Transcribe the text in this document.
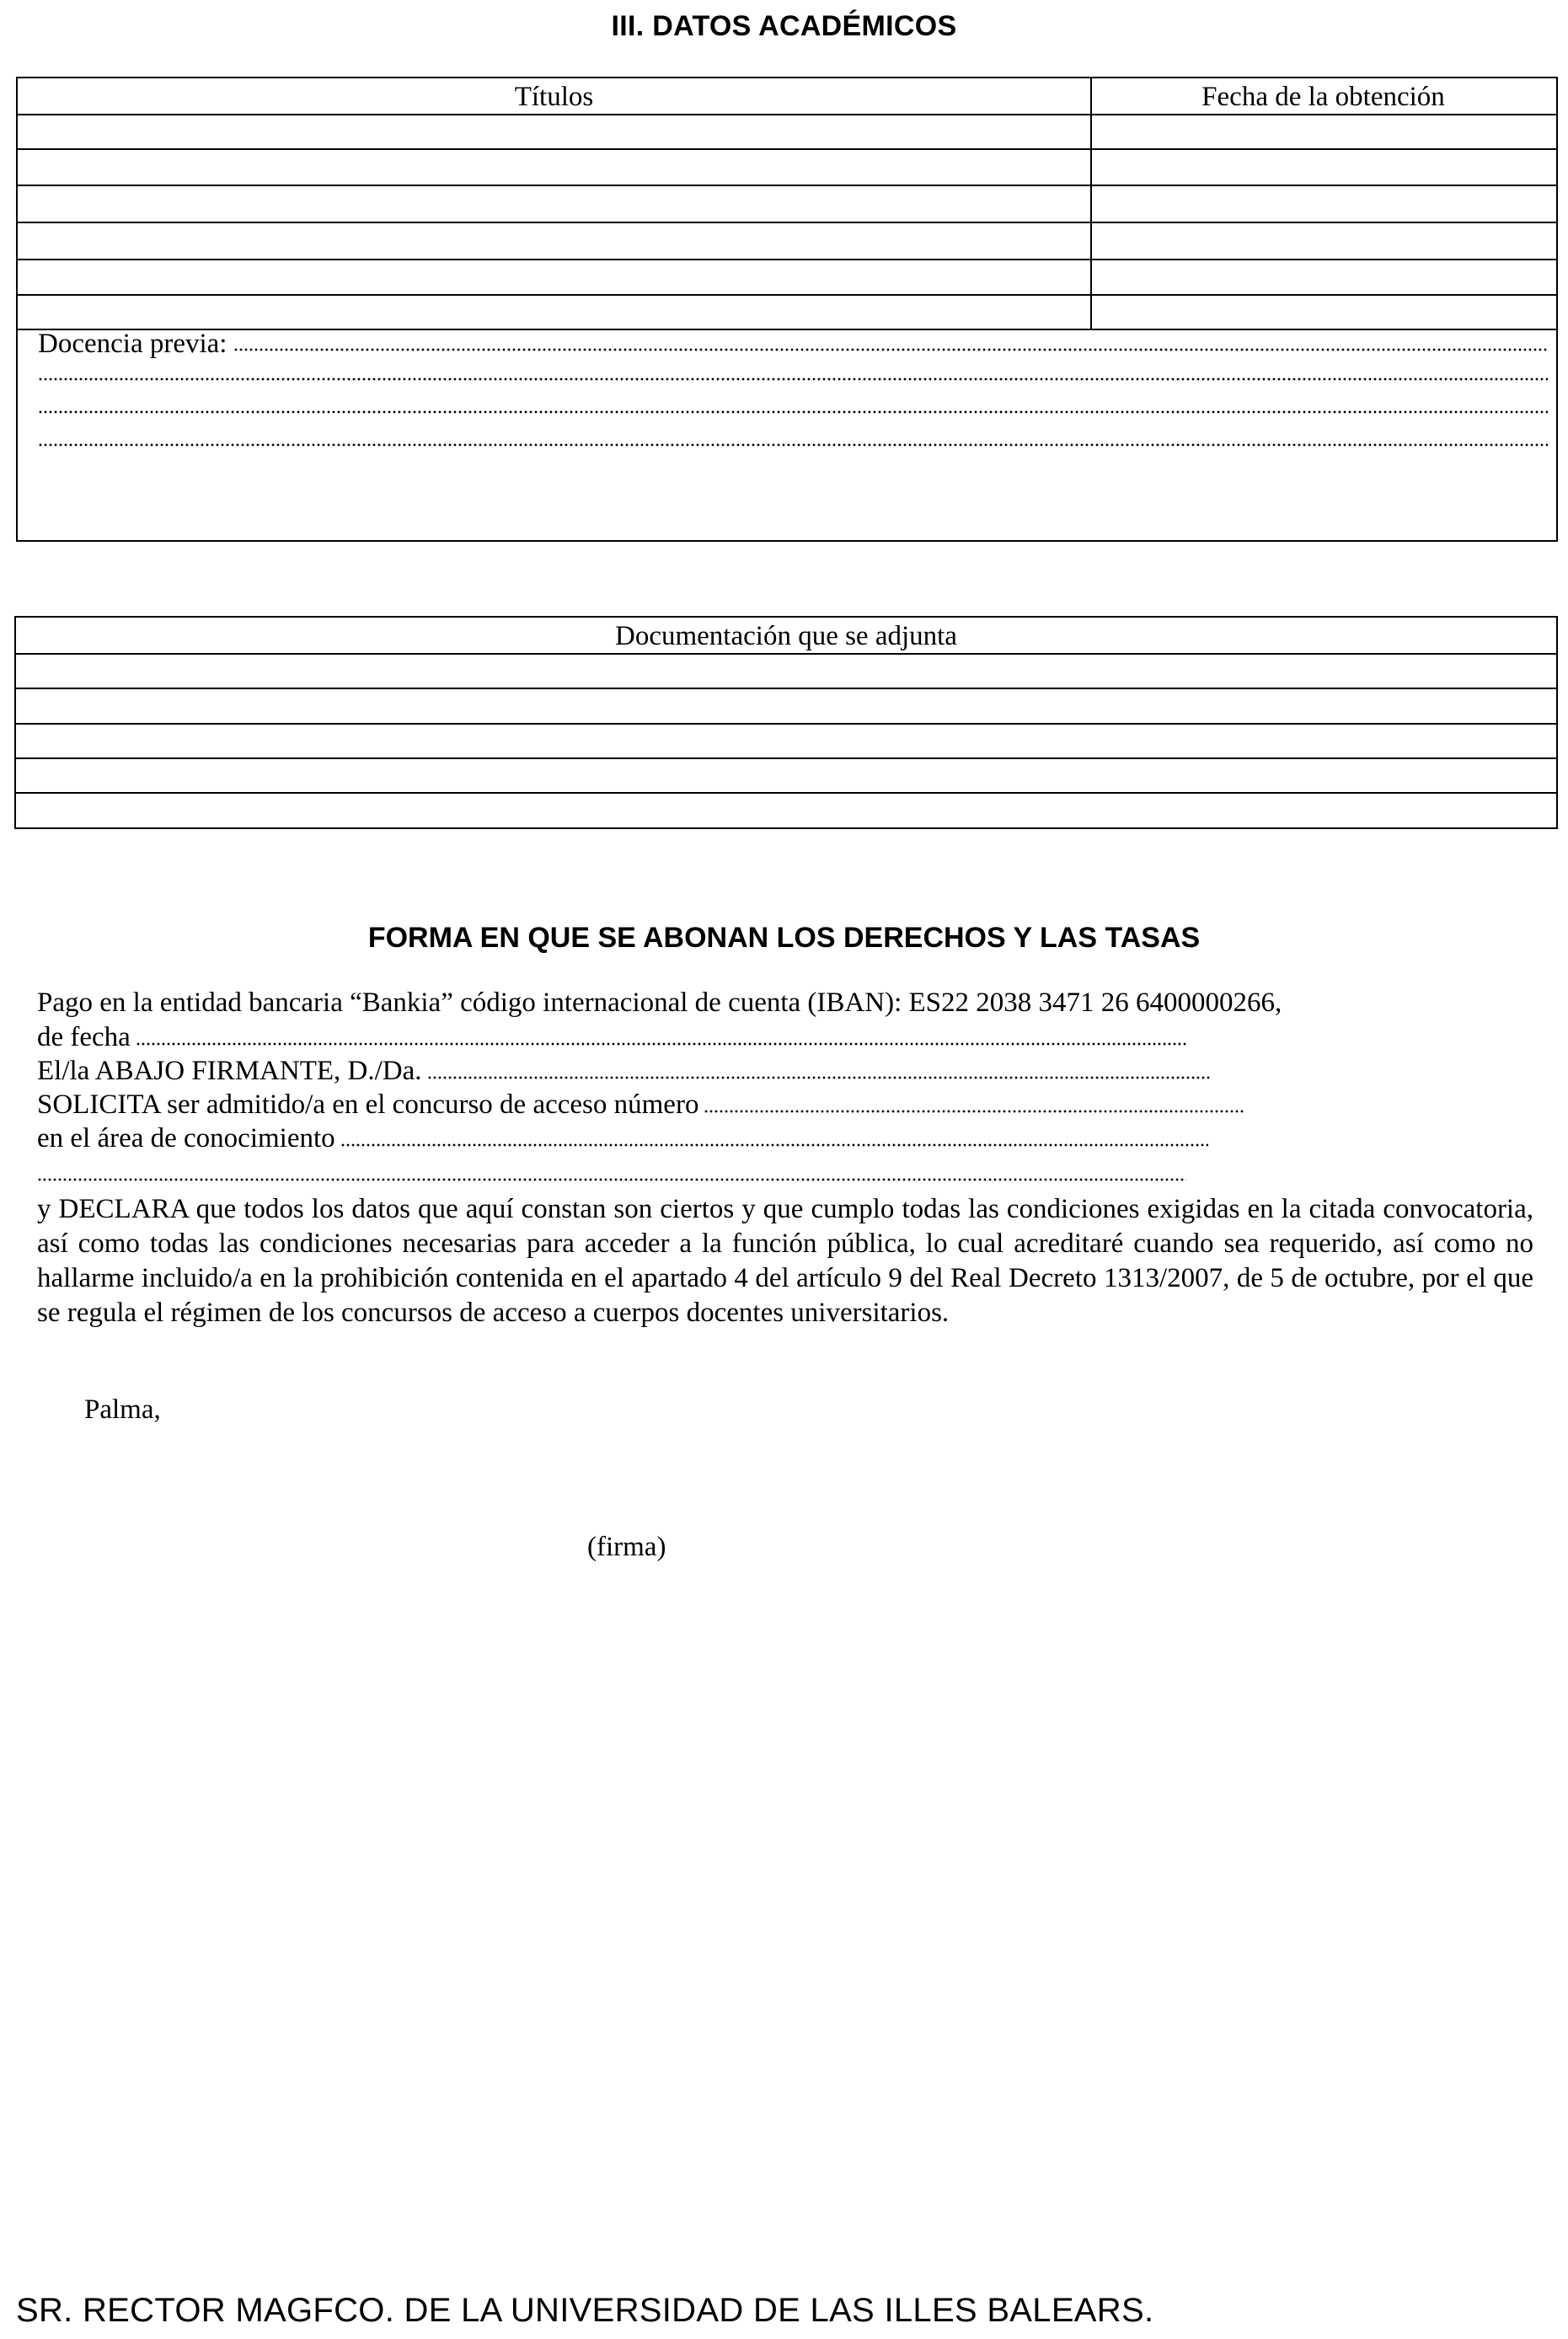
III. DATOS ACADÉMICOS
Títulos	Fecha de la obtención
Docencia previa:
Documentación que se adjunta
FORMA EN QUE SE ABONAN LOS DERECHOS Y LAS TASAS
Pago en la entidad bancaria “Bankia” código internacional de cuenta (IBAN): ES22 2038 3471 26 6400000266,
de fecha
El/la ABAJO FIRMANTE, D./Da.
SOLICITA ser admitido/a en el concurso de acceso número
en el área de conocimiento
y DECLARA que todos los datos que aquí constan son ciertos y que cumplo todas las condiciones exigidas en la citada convocatoria, así como todas las condiciones necesarias para acceder a la función pública, lo cual acreditaré cuando sea requerido, así como no hallarme incluido/a en la prohibición contenida en el apartado 4 del artículo 9 del Real Decreto 1313/2007, de 5 de octubre, por el que se regula el régimen de los concursos de acceso a cuerpos docentes universitarios.
Palma,
(firma)
SR. RECTOR MAGFCO. DE LA UNIVERSIDAD DE LAS ILLES BALEARS.
